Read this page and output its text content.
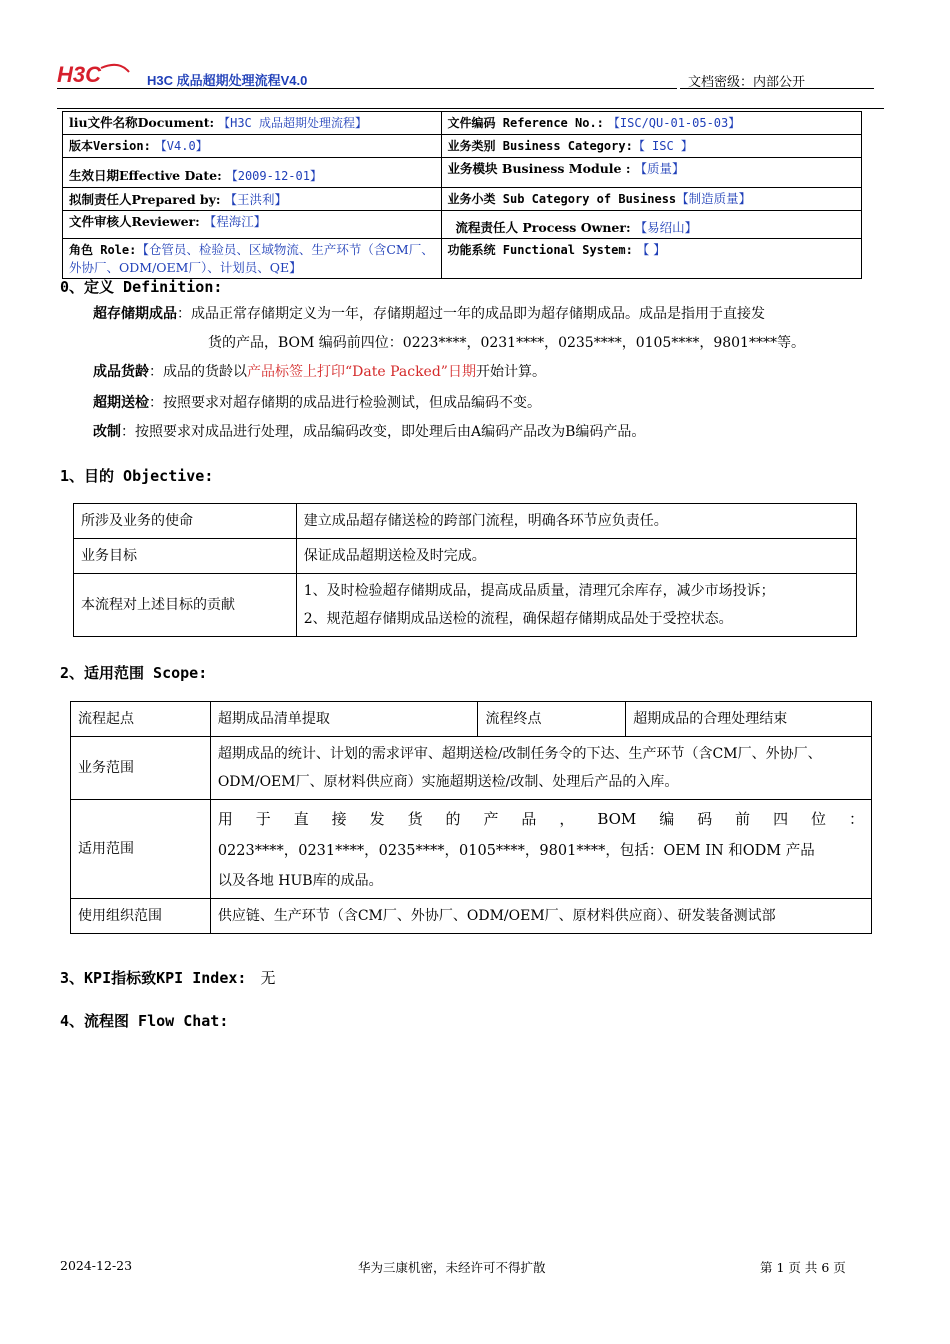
H3C	H3C 成品超期处理流程V4.0	文档密级：内部公开
liu文件名称Document: 【H3C 成品超期处理流程】	文件编码 Reference No.: 【ISC/QU-01-05-03】
版本Version: 【V4.0】	业务类别 Business Category:【 ISC 】
生效日期Effective Date: 【2009-12-01】	业务模块 Business Module : 【质量】
拟制责任人Prepared by: 【王洪利】	业务小类 Sub Category of Business【制造质量】
文件审核人Reviewer: 【程海江】	流程责任人 Process Owner: 【易绍山】
角色 Role:【仓管员、检验员、区域物流、生产环节（含CM厂、外协厂、ODM/OEM厂）、计划员、QE】	功能系统 Functional System: 【 】
0、定义 Definition:
超存储期成品：成品正常存储期定义为一年，存储期超过一年的成品即为超存储期成品。成品是指用于直接发
货的产品，BOM 编码前四位：0223****，0231****，0235****，0105****，9801****等。
成品货龄：成品的货龄以产品标签上打印“Date Packed”日期开始计算。
超期送检：按照要求对超存储期的成品进行检验测试，但成品编码不变。
改制：按照要求对成品进行处理，成品编码改变，即处理后由A编码产品改为B编码产品。
1、目的 Objective:
所涉及业务的使命	建立成品超存储送检的跨部门流程，明确各环节应负责任。
业务目标	保证成品超期送检及时完成。
本流程对上述目标的贡献	1、及时检验超存储期成品，提高成品质量，清理冗余库存，减少市场投诉；
2、规范超存储期成品送检的流程，确保超存储期成品处于受控状态。
2、适用范围 Scope:
流程起点	超期成品清单提取	流程终点	超期成品的合理处理结束
业务范围	超期成品的统计、计划的需求评审、超期送检/改制任务令的下达、生产环节（含CM厂、外协厂、ODM/OEM厂、原材料供应商）实施超期送检/改制、处理后产品的入库。		
适用范围	用于直接发货的产品，BOM编码前四位：
0223****，0231****，0235****，0105****，9801****，包括：OEM IN 和ODM 产品
以及各地 HUB库的成品。		

使用组织范围	供应链、生产环节（含CM厂、外协厂、ODM/OEM厂、原材料供应商）、研发装备测试部		
3、KPI指标致KPI Index: 无
4、流程图 Flow Chat:
2024-12-23	华为三康机密，未经许可不得扩散	第 1 页 共 6 页
